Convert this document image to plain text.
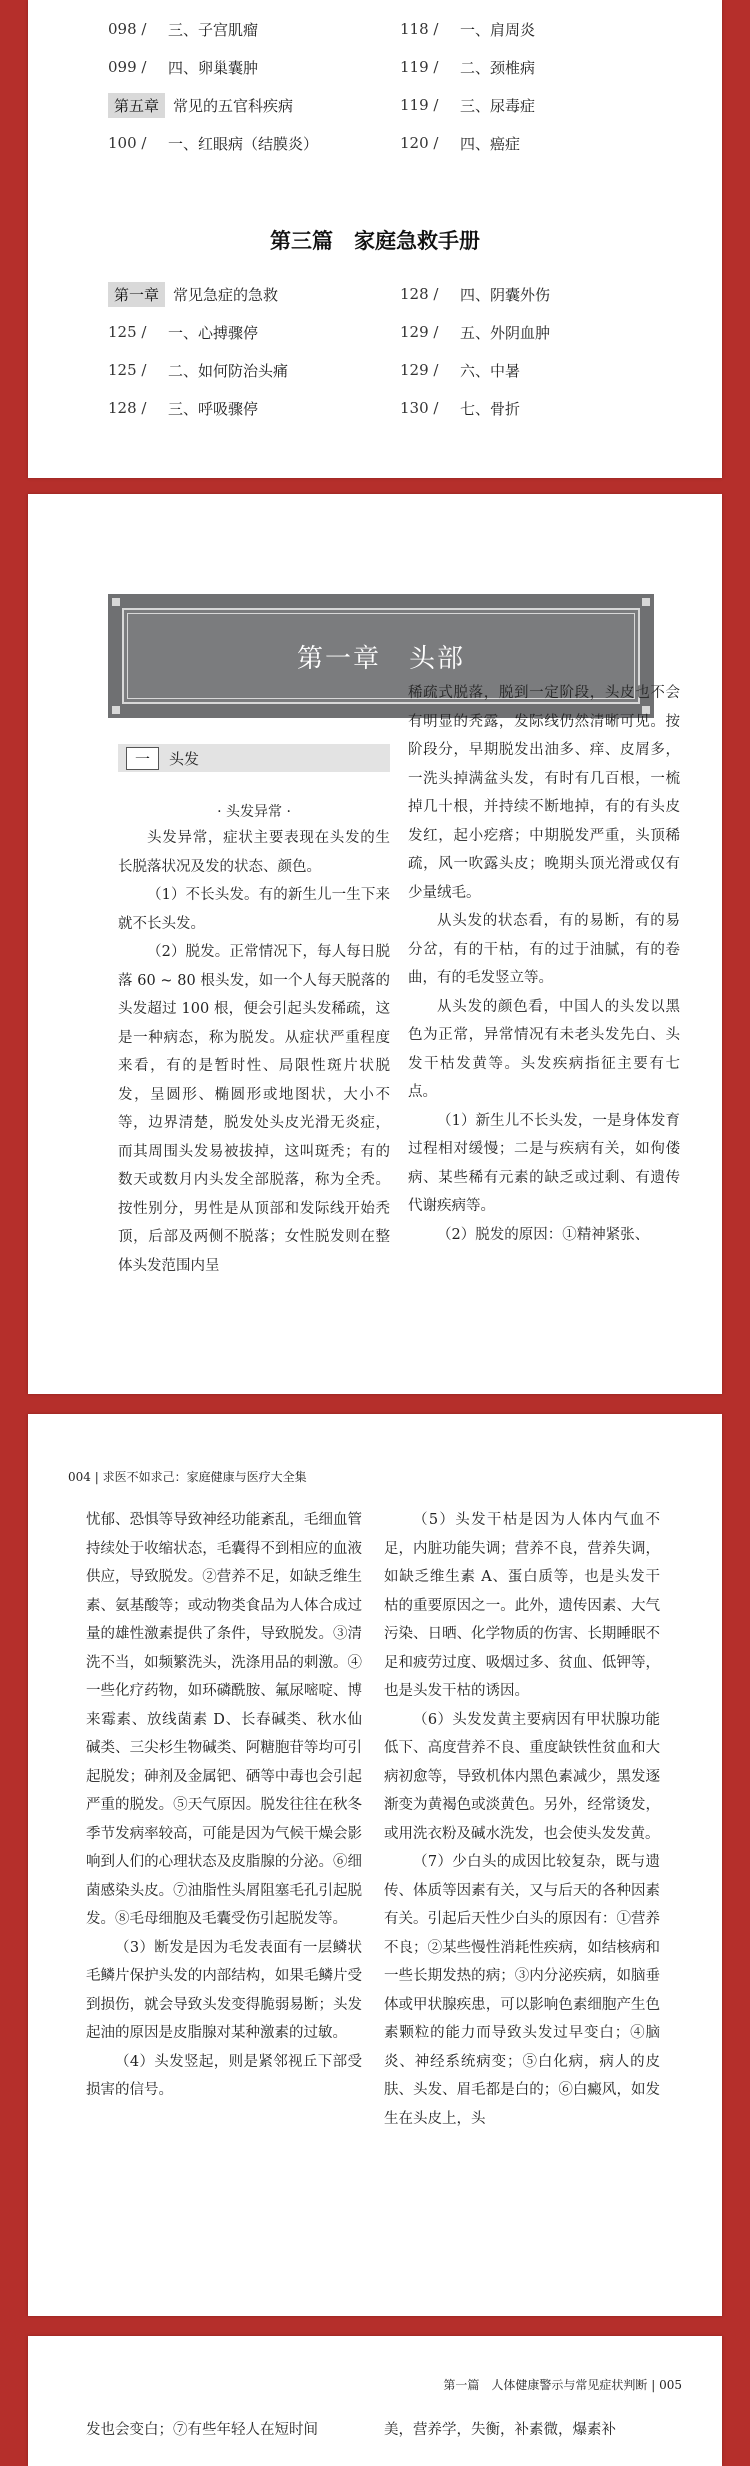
098 /	三、子宫肌瘤	118 /	一、肩周炎
099 /	四、卵巢囊肿	119 /	二、颈椎病
第五章 常见的五官科疾病	119 /	三、尿毒症
100 /	一、红眼病（结膜炎）	120 /	四、癌症
第三篇　家庭急救手册
第一章 常见急症的急救	128 /	四、阴囊外伤
125 /	一、心搏骤停	129 /	五、外阴血肿
125 /	二、如何防治头痛	129 /	六、中暑
128 /	三、呼吸骤停	130 /	七、骨折
第一章　头部
一	头发
· 头发异常 ·

头发异常，症状主要表现在头发的生长脱落状况及发的状态、颜色。

（1）不长头发。有的新生儿一生下来就不长头发。

（2）脱发。正常情况下，每人每日脱落 60 ~ 80 根头发，如一个人每天脱落的头发超过 100 根，便会引起头发稀疏，这是一种病态，称为脱发。从症状严重程度来看，有的是暂时性、局限性斑片状脱发，呈圆形、椭圆形或地图状，大小不等，边界清楚，脱发处头皮光滑无炎症，而其周围头发易被拔掉，这叫斑秃；有的数天或数月内头发全部脱落，称为全秃。按性别分，男性是从顶部和发际线开始秃顶，后部及两侧不脱落；女性脱发则在整体头发范围内呈

稀疏式脱落，脱到一定阶段，头皮也不会有明显的秃露，发际线仍然清晰可见。按阶段分，早期脱发出油多、痒、皮屑多，一洗头掉满盆头发，有时有几百根，一梳掉几十根，并持续不断地掉，有的有头皮发红，起小疙瘩；中期脱发严重，头顶稀疏，风一吹露头皮；晚期头顶光滑或仅有少量绒毛。

从头发的状态看，有的易断，有的易分岔，有的干枯，有的过于油腻，有的卷曲，有的毛发竖立等。

从头发的颜色看，中国人的头发以黑色为正常，异常情况有未老头发先白、头发干枯发黄等。头发疾病指征主要有七点。

（1）新生儿不长头发，一是身体发育过程相对缓慢；二是与疾病有关，如佝偻病、某些稀有元素的缺乏或过剩、有遗传代谢疾病等。

（2）脱发的原因：①精神紧张、

004 | 求医不如求己：家庭健康与医疗大全集

忧郁、恐惧等导致神经功能紊乱，毛细血管持续处于收缩状态，毛囊得不到相应的血液供应，导致脱发。②营养不足，如缺乏维生素、氨基酸等；或动物类食品为人体合成过量的雄性激素提供了条件，导致脱发。③清洗不当，如频繁洗头，洗涤用品的刺激。④一些化疗药物，如环磷酰胺、氟尿嘧啶、博来霉素、放线菌素 D、长春碱类、秋水仙碱类、三尖杉生物碱类、阿糖胞苷等均可引起脱发；砷剂及金属钯、硒等中毒也会引起严重的脱发。⑤天气原因。脱发往往在秋冬季节发病率较高，可能是因为气候干燥会影响到人们的心理状态及皮脂腺的分泌。⑥细菌感染头皮。⑦油脂性头屑阻塞毛孔引起脱发。⑧毛母细胞及毛囊受伤引起脱发等。

（3）断发是因为毛发表面有一层鳞状毛鳞片保护头发的内部结构，如果毛鳞片受到损伤，就会导致头发变得脆弱易断；头发起油的原因是皮脂腺对某种激素的过敏。

（4）头发竖起，则是紧邻视丘下部受损害的信号。

（5）头发干枯是因为人体内气血不足，内脏功能失调；营养不良，营养失调，如缺乏维生素 A、蛋白质等，也是头发干枯的重要原因之一。此外，遗传因素、大气污染、日晒、化学物质的伤害、长期睡眠不足和疲劳过度、吸烟过多、贫血、低钾等，也是头发干枯的诱因。

（6）头发发黄主要病因有甲状腺功能低下、高度营养不良、重度缺铁性贫血和大病初愈等，导致机体内黑色素减少，黑发逐渐变为黄褐色或淡黄色。另外，经常烫发，或用洗衣粉及碱水洗发，也会使头发发黄。

（7）少白头的成因比较复杂，既与遗传、体质等因素有关，又与后天的各种因素有关。引起后天性少白头的原因有：①营养不良；②某些慢性消耗性疾病，如结核病和一些长期发热的病；③内分泌疾病，如脑垂体或甲状腺疾患，可以影响色素细胞产生色素颗粒的能力而导致头发过早变白；④脑炎、神经系统病变；⑤白化病，病人的皮肤、头发、眉毛都是白的；⑥白癜风，如发生在头皮上，头

第一篇　人体健康警示与常见症状判断 | 005

发也会变白；⑦有些年轻人在短时间	美，营养学，失衡，补素微，爆素补
